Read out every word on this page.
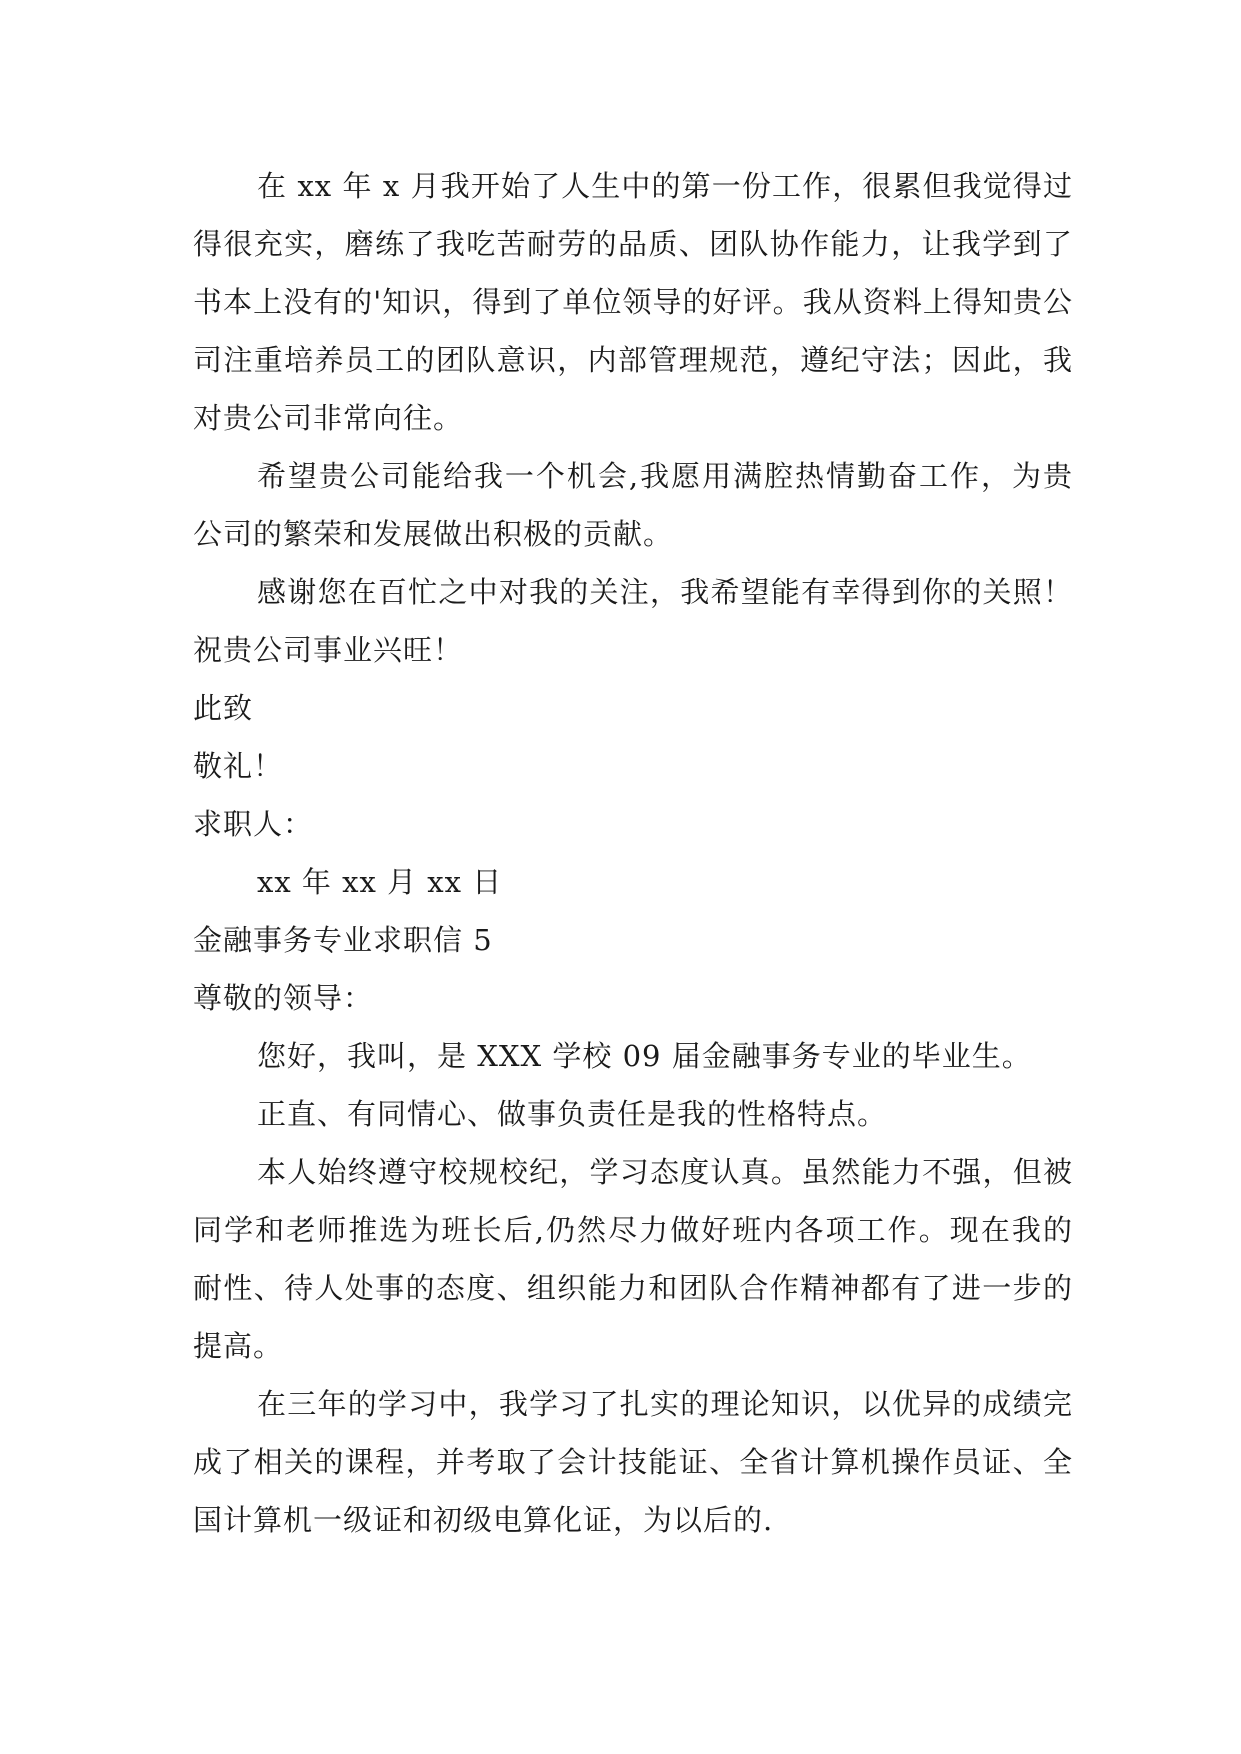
在 xx 年 x 月我开始了人生中的第一份工作，很累但我觉得过得很充实，磨练了我吃苦耐劳的品质、团队协作能力，让我学到了书本上没有的'知识，得到了单位领导的好评。我从资料上得知贵公司注重培养员工的团队意识，内部管理规范，遵纪守法；因此，我对贵公司非常向往。

希望贵公司能给我一个机会,我愿用满腔热情勤奋工作，为贵公司的繁荣和发展做出积极的贡献。

感谢您在百忙之中对我的关注，我希望能有幸得到你的关照！祝贵公司事业兴旺！

此致

敬礼！

求职人：

xx 年 xx 月 xx 日

金融事务专业求职信 5

尊敬的领导：

您好，我叫，是 XXX 学校 09 届金融事务专业的毕业生。

正直、有同情心、做事负责任是我的性格特点。

本人始终遵守校规校纪，学习态度认真。虽然能力不强，但被同学和老师推选为班长后,仍然尽力做好班内各项工作。现在我的耐性、待人处事的态度、组织能力和团队合作精神都有了进一步的提高。

在三年的学习中，我学习了扎实的理论知识，以优异的成绩完成了相关的课程，并考取了会计技能证、全省计算机操作员证、全国计算机一级证和初级电算化证，为以后的.
